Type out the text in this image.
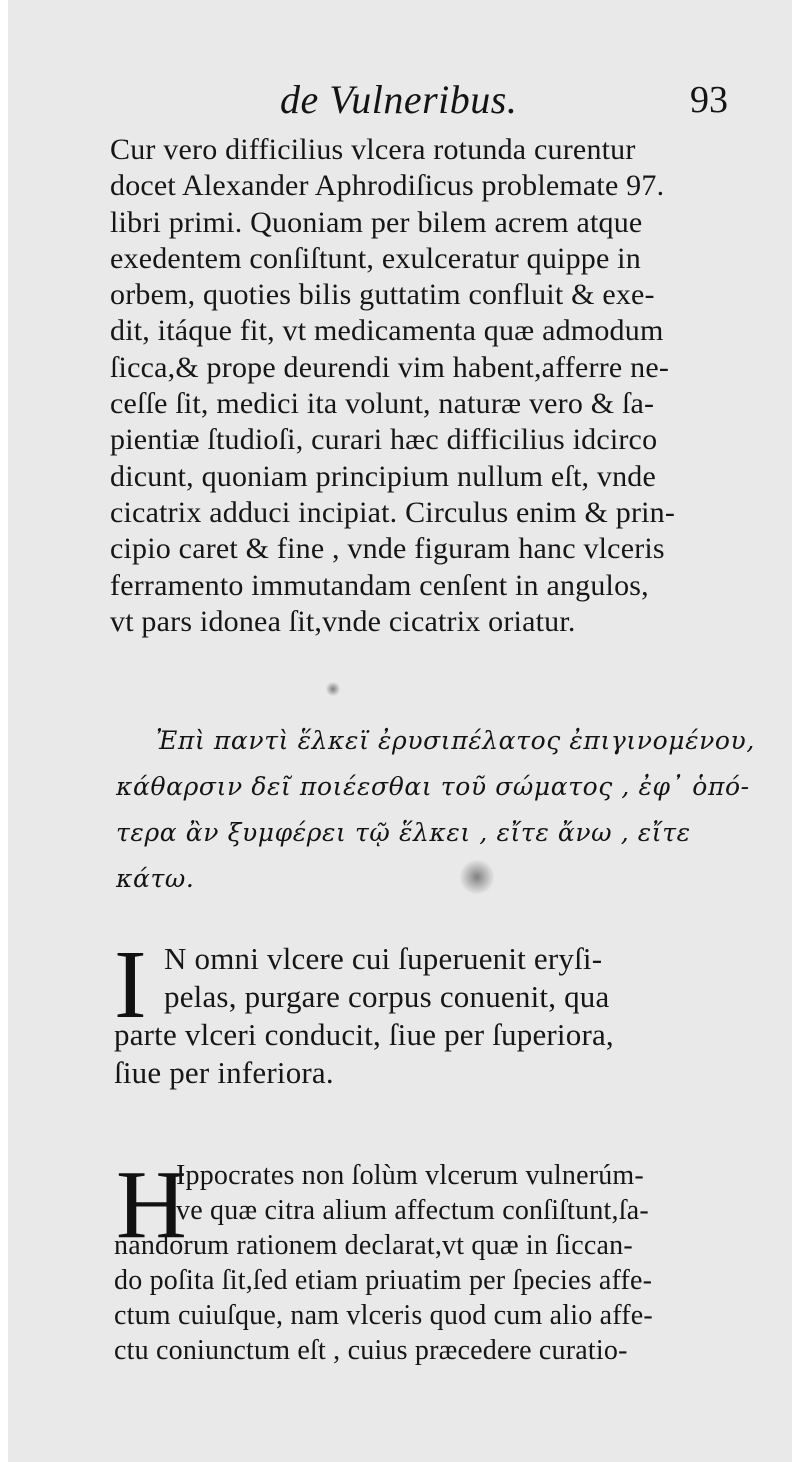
de Vulneribus.	93
Cur vero difficilius vlcera rotunda curentur
docet Alexander Aphrodiſicus problemate 97.
libri primi. Quoniam per bilem acrem atque
exedentem conſiſtunt, exulceratur quippe in
orbem, quoties bilis guttatim confluit & exe-
dit, itáque fit, vt medicamenta quæ admodum
ſicca,& prope deurendi vim habent,afferre ne-
ceſſe ſit, medici ita volunt, naturæ vero & ſa-
pientiæ ſtudioſi, curari hæc difficilius idcirco
dicunt, quoniam principium nullum eſt, vnde
cicatrix adduci incipiat. Circulus enim & prin-
cipio caret & fine , vnde figuram hanc vlceris
ferramento immutandam cenſent in angulos,
vt pars idonea ſit,vnde cicatrix oriatur.
Ἐπὶ παντὶ ἕλκεϊ ἐρυσιπέλατος ἐπιγινομένου,
κάθαρσιν δεῖ ποιέεσθαι τοῦ σώματος , ἐφ᾽ ὁπό-
τερα ἂν ξυμφέρει τῷ ἕλκει , εἴτε ἄνω , εἴτε
κάτω.
I N omni vlcere cui ſuperuenit eryſi-
pelas, purgare corpus conuenit, qua
parte vlceri conducit, ſiue per ſuperiora,
ſiue per inferiora.
H
Ippocrates non ſolùm vlcerum vulnerúm-
ve quæ citra alium affectum conſiſtunt,ſa-
nandorum rationem declarat,vt quæ in ſiccan-
do poſita ſit,ſed etiam priuatim per ſpecies affe-
ctum cuiuſque, nam vlceris quod cum alio affe-
ctu coniunctum eſt , cuius præcedere curatio-
